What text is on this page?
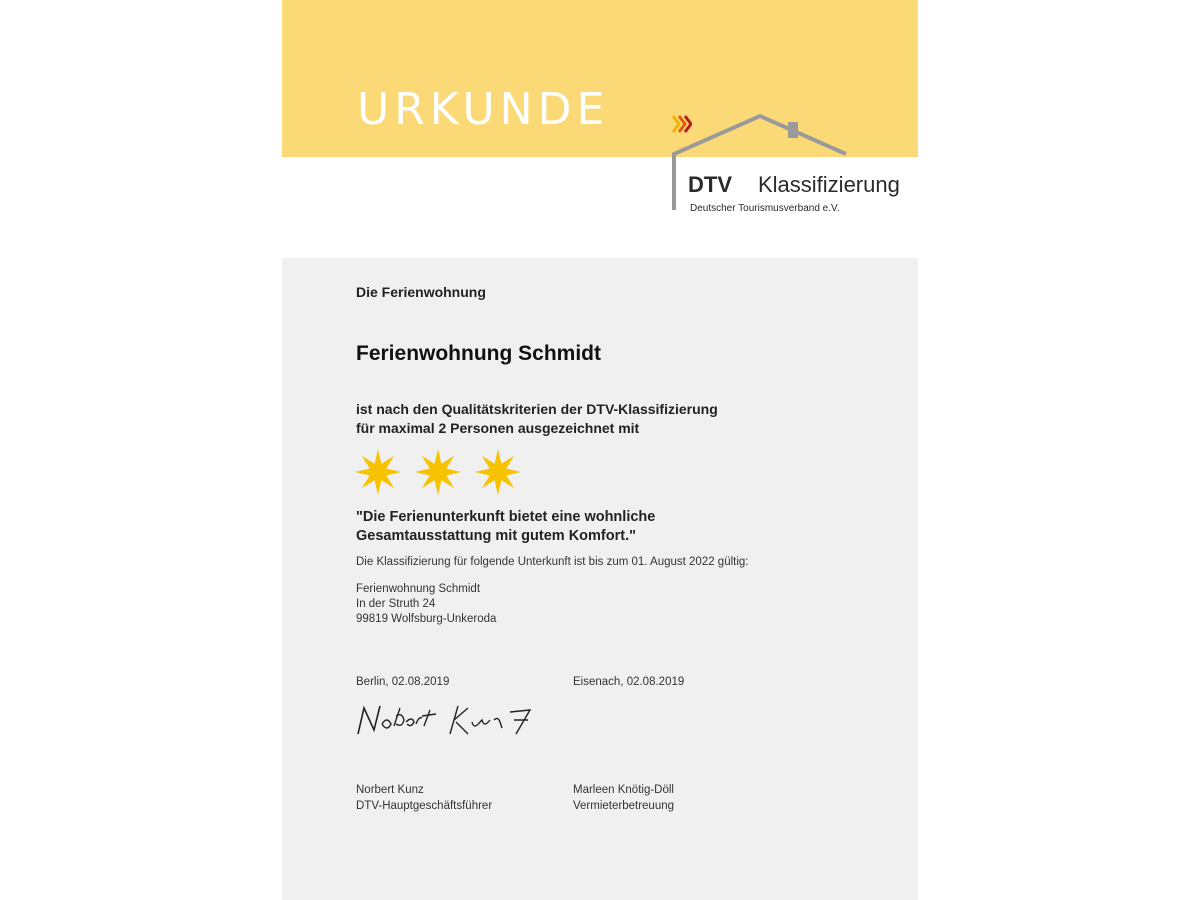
URKUNDE
DTV Klassifizierung
Deutscher Tourismusverband e.V.
Die Ferienwohnung
Ferienwohnung Schmidt
ist nach den Qualitätskriterien der DTV-Klassifizierung
für maximal 2 Personen ausgezeichnet mit
"Die Ferienunterkunft bietet eine wohnliche
Gesamtausstattung mit gutem Komfort."
Die Klassifizierung für folgende Unterkunft ist bis zum 01. August 2022 gültig:
Ferienwohnung Schmidt
In der Struth 24
99819 Wolfsburg-Unkeroda
Berlin, 02.08.2019	Eisenach, 02.08.2019
Norbert Kunz
DTV-Hauptgeschäftsführer
Marleen Knötig-Döll
Vermieterbetreuung
